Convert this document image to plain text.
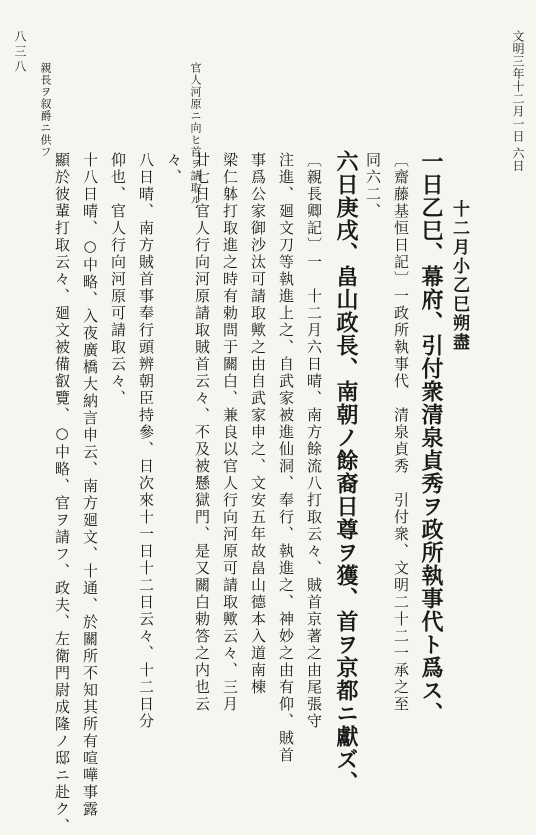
文明三年十二月一日 六日
八三八
官人河原ニ向ヒ首ヲ請取ル
親長ヲ叙爵ニ供フ
十二月小乙巳朔盡
一日乙巳、幕府、引付衆清泉貞秀ヲ政所執事代ト爲ス、
〔齋藤基恒日記〕一政所執事代　清泉貞秀　引付衆、文明二十二一承之至
同六二、
六日庚戌、畠山政長、南朝ノ餘裔日尊ヲ獲、首ヲ京都ニ獻ズ、
〔親長卿記〕一　十二月六日晴、南方餘流八打取云々、賊首京著之由尾張守
注進、廻文刀等執進上之、自武家被進仙洞、奉行、執進之、神妙之由有仰、賊首
事爲公家御沙汰可請取歟之由自武家申之、文安五年故畠山德本入道南棟
梁仁躰打取進之時有勅問于關白、兼良以官人行向河原可請取歟云々、三月
廿七日官人行向河原請取賊首云々、不及被懸獄門、是又關白勅答之内也云
々、
八日晴、南方賊首事奉行頭辨朝臣持參、日次來十一日十二日云々、十二日分
仰也、官人行向河原可請取云々、
十八日晴、○中略、入夜廣橋大納言申云、南方廻文、十通、於關所不知其所有喧嘩事露
顯於彼輩打取云々、廻文被備叡覽、○中略、官ヲ請フ、政夫、左衛門尉成隆ノ邸ニ赴ク、
